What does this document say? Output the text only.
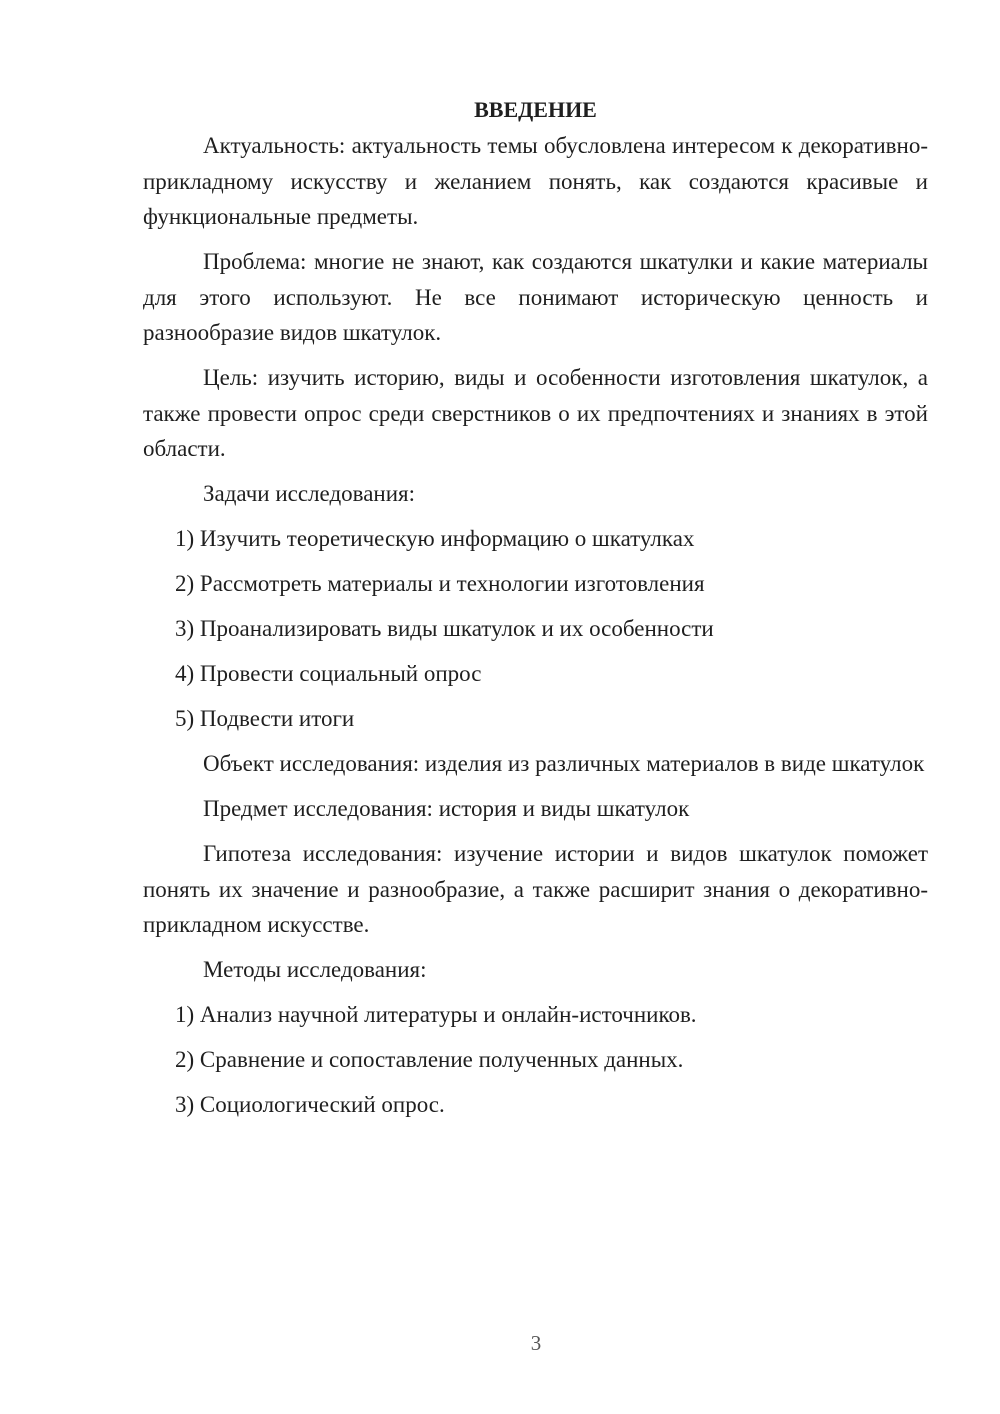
ВВЕДЕНИЕ

Актуальность: актуальность темы обусловлена интересом к декоративно-прикладному искусству и желанием понять, как создаются красивые и функциональные предметы.

Проблема: многие не знают, как создаются шкатулки и какие материалы для этого используют. Не все понимают историческую ценность и разнообразие видов шкатулок.

Цель: изучить историю, виды и особенности изготовления шкатулок, а также провести опрос среди сверстников о их предпочтениях и знаниях в этой области.

Задачи исследования:

1) Изучить теоретическую информацию о шкатулках
2) Рассмотреть материалы и технологии изготовления
3) Проанализировать виды шкатулок и их особенности
4) Провести социальный опрос
5) Подвести итоги

Объект исследования: изделия из различных материалов в виде шкатулок

Предмет исследования: история и виды шкатулок

Гипотеза исследования: изучение истории и видов шкатулок поможет понять их значение и разнообразие, а также расширит знания о декоративно-прикладном искусстве.

Методы исследования:

1) Анализ научной литературы и онлайн-источников.
2) Сравнение и сопоставление полученных данных.
3) Социологический опрос.
3
